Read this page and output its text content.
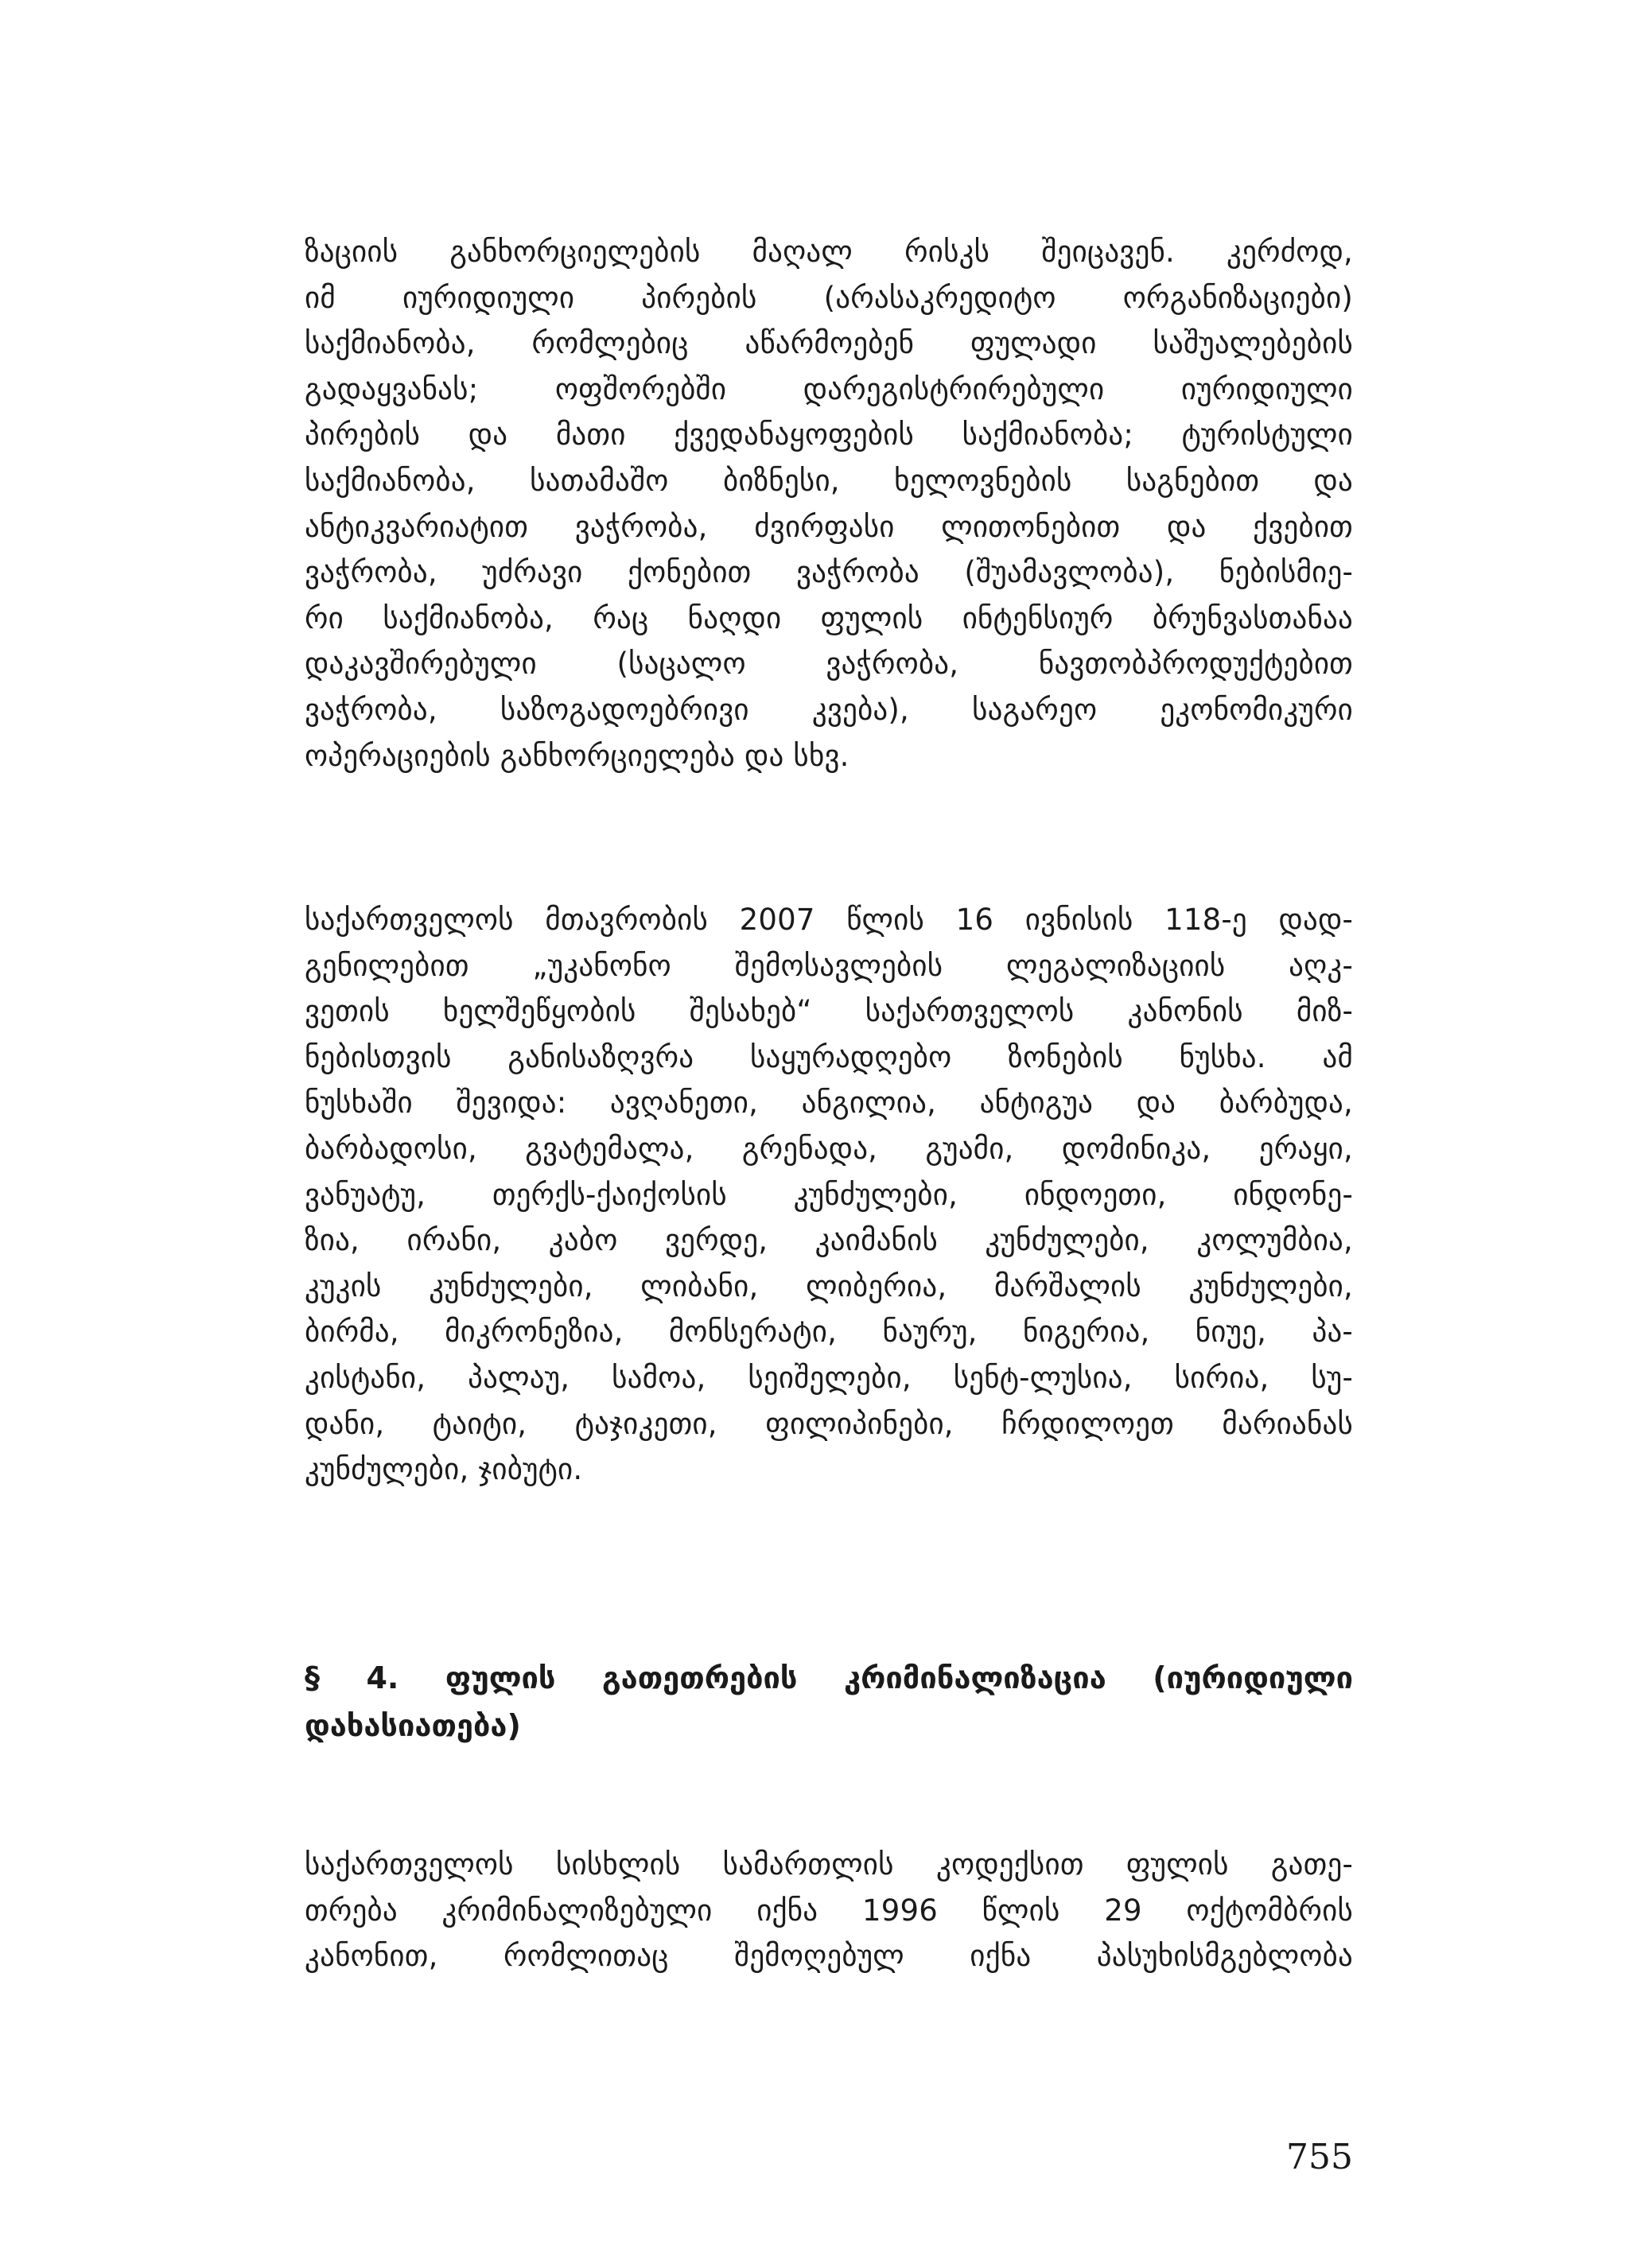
ზაციის განხორციელების მაღალ რისკს შეიცავენ. კერძოდ,
იმ იურიდიული პირების (არასაკრედიტო ორგანიზაციები)
საქმიანობა, რომლებიც აწარმოებენ ფულადი საშუალებების
გადაყვანას; ოფშორებში დარეგისტრირებული იურიდიული
პირების და მათი ქვედანაყოფების საქმიანობა; ტურისტული
საქმიანობა, სათამაშო ბიზნესი, ხელოვნების საგნებით და
ანტიკვარიატით ვაჭრობა, ძვირფასი ლითონებით და ქვებით
ვაჭრობა, უძრავი ქონებით ვაჭრობა (შუამავლობა), ნებისმიე-
რი საქმიანობა, რაც ნაღდი ფულის ინტენსიურ ბრუნვასთანაა
დაკავშირებული (საცალო ვაჭრობა, ნავთობპროდუქტებით
ვაჭრობა, საზოგადოებრივი კვება), საგარეო ეკონომიკური
ოპერაციების განხორციელება და სხვ.
საქართველოს მთავრობის 2007 წლის 16 ივნისის 118-ე დად-
გენილებით „უკანონო შემოსავლების ლეგალიზაციის აღკ-
ვეთის ხელშეწყობის შესახებ“ საქართველოს კანონის მიზ-
ნებისთვის განისაზღვრა საყურადღებო ზონების ნუსხა. ამ
ნუსხაში შევიდა: ავღანეთი, ანგილია, ანტიგუა და ბარბუდა,
ბარბადოსი, გვატემალა, გრენადა, გუამი, დომინიკა, ერაყი,
ვანუატუ, თერქს-ქაიქოსის კუნძულები, ინდოეთი, ინდონე-
ზია, ირანი, კაბო ვერდე, კაიმანის კუნძულები, კოლუმბია,
კუკის კუნძულები, ლიბანი, ლიბერია, მარშალის კუნძულები,
ბირმა, მიკრონეზია, მონსერატი, ნაურუ, ნიგერია, ნიუე, პა-
კისტანი, პალაუ, სამოა, სეიშელები, სენტ-ლუსია, სირია, სუ-
დანი, ტაიტი, ტაჯიკეთი, ფილიპინები, ჩრდილოეთ მარიანას
კუნძულები, ჯიბუტი.
§ 4. ფულის გათეთრების კრიმინალიზაცია (იურიდიული
დახასიათება)
საქართველოს სისხლის სამართლის კოდექსით ფულის გათე-
თრება კრიმინალიზებული იქნა 1996 წლის 29 ოქტომბრის
კანონით, რომლითაც შემოღებულ იქნა პასუხისმგებლობა
755
